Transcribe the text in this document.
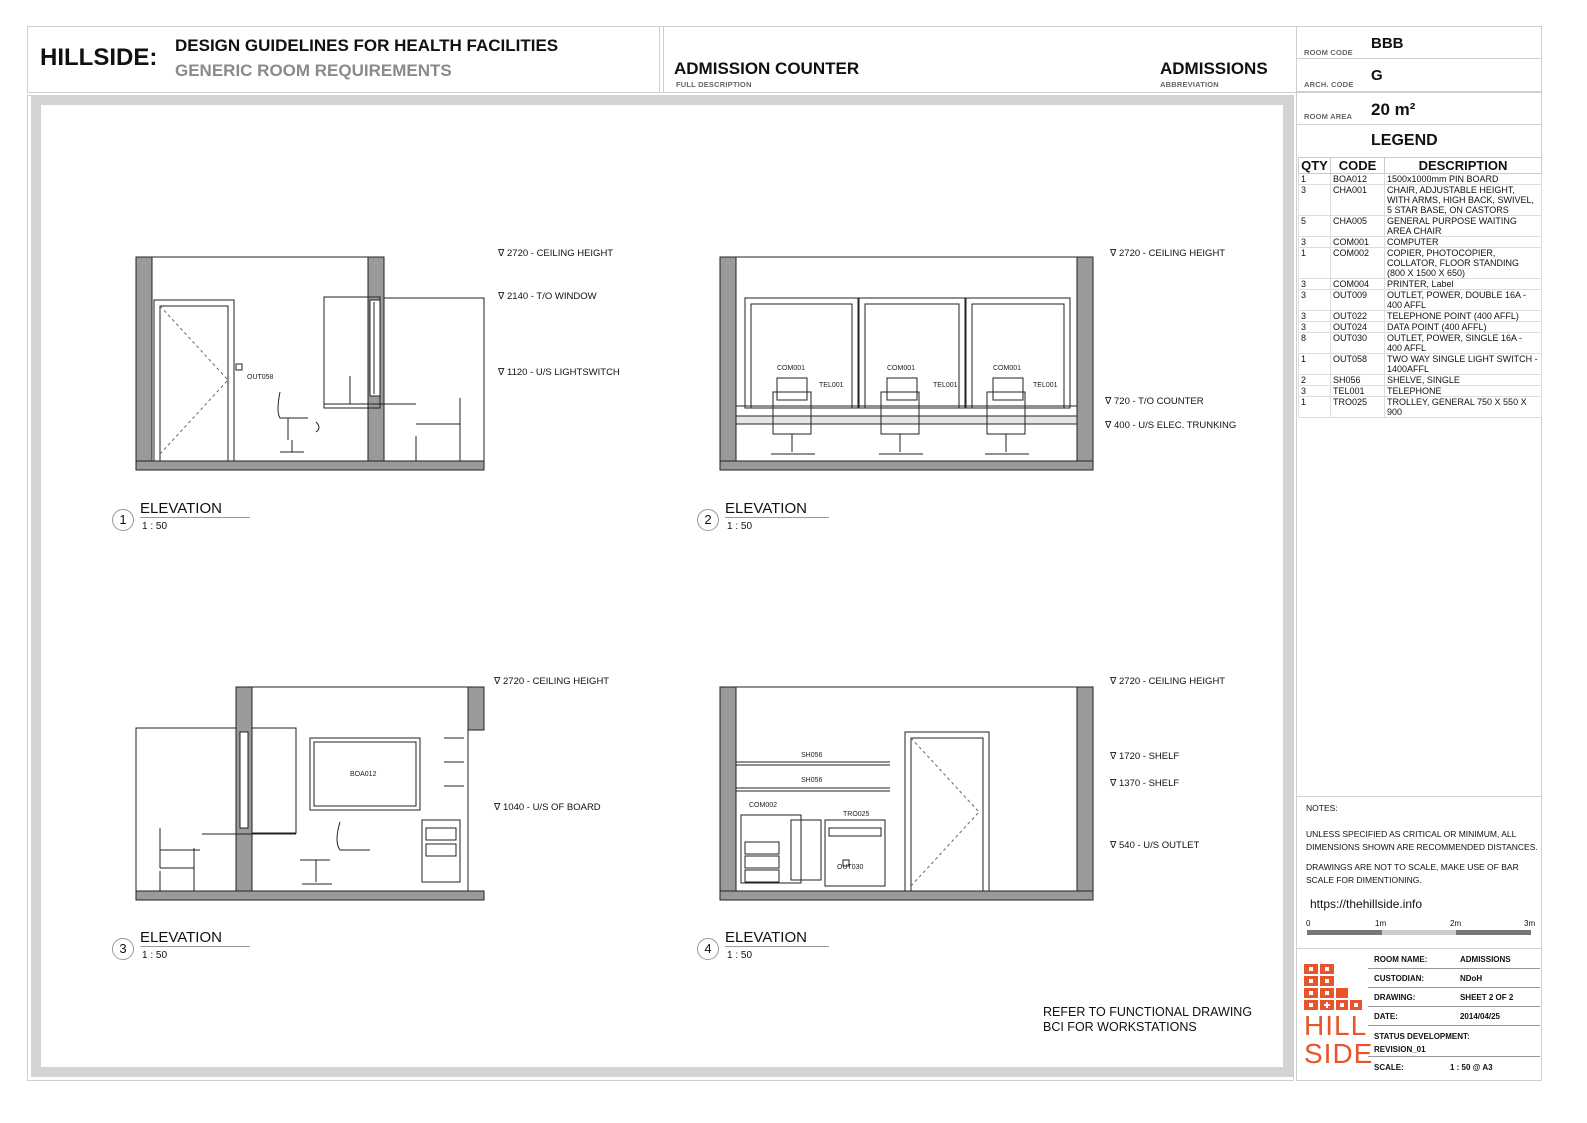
HILLSIDE: DESIGN GUIDELINES FOR HEALTH FACILITIES
GENERIC ROOM REQUIREMENTS	ADMISSION COUNTER
FULL DESCRIPTION
ADMISSIONS
ABBREVIATION
ROOM CODE
BBB
ARCH. CODE
G
ROOM AREA 20 m²
LEGEND
QTY	CODE	DESCRIPTION
1	BOA012	1500x1000mm PIN BOARD
3	CHA001	CHAIR, ADJUSTABLE HEIGHT, WITH ARMS, HIGH BACK, SWIVEL, 5 STAR BASE, ON CASTORS
5	CHA005	GENERAL PURPOSE WAITING AREA CHAIR
3	COM001	COMPUTER
1	COM002	COPIER, PHOTOCOPIER, COLLATOR, FLOOR STANDING (800 X 1500 X 650)
3	COM004	PRINTER, Label
3	OUT009	OUTLET, POWER, DOUBLE 16A - 400 AFFL
3	OUT022	TELEPHONE POINT (400 AFFL)
3	OUT024	DATA POINT (400 AFFL)
8	OUT030	OUTLET, POWER, SINGLE 16A - 400 AFFL
1	OUT058	TWO WAY SINGLE LIGHT SWITCH - 1400AFFL
2	SH056	SHELVE, SINGLE
3	TEL001	TELEPHONE
1	TRO025	TROLLEY, GENERAL 750 X 550 X 900

NOTES:

UNLESS SPECIFIED AS CRITICAL OR MINIMUM, ALL DIMENSIONS SHOWN ARE RECOMMENDED DISTANCES.

DRAWINGS ARE NOT TO SCALE, MAKE USE OF BAR SCALE FOR DIMENTIONING.

https://thehillside.info
0	1m	2m	3m
HILL
SIDE
ROOM NAME:	ADMISSIONS
CUSTODIAN:	NDoH
DRAWING:	SHEET 2 OF 2
DATE:	2014/04/25
STATUS DEVELOPMENT:
REVISION_01
SCALE:	1 : 50 @ A3
OUT058
∇ 2720 - CEILING HEIGHT
∇ 2140 - T/O WINDOW
∇ 1120 - U/S LIGHTSWITCH	COM001	COM001	COM001
TEL001	TEL001	TEL001
∇ 2720 - CEILING HEIGHT
∇ 720 - T/O COUNTER
∇ 400 - U/S ELEC. TRUNKING
BOA012
∇ 2720 - CEILING HEIGHT
∇ 1040 - U/S OF BOARD
SH056
SH056
COM002
TRO025
OUT030
∇ 2720 - CEILING HEIGHT
∇ 1720 - SHELF
∇ 1370 - SHELF
∇ 540 - U/S OUTLET
1
ELEVATION
1 : 50	2
ELEVATION
1 : 50
3
ELEVATION
1 : 50	4
ELEVATION
1 : 50
REFER TO FUNCTIONAL DRAWING
BCI FOR WORKSTATIONS
